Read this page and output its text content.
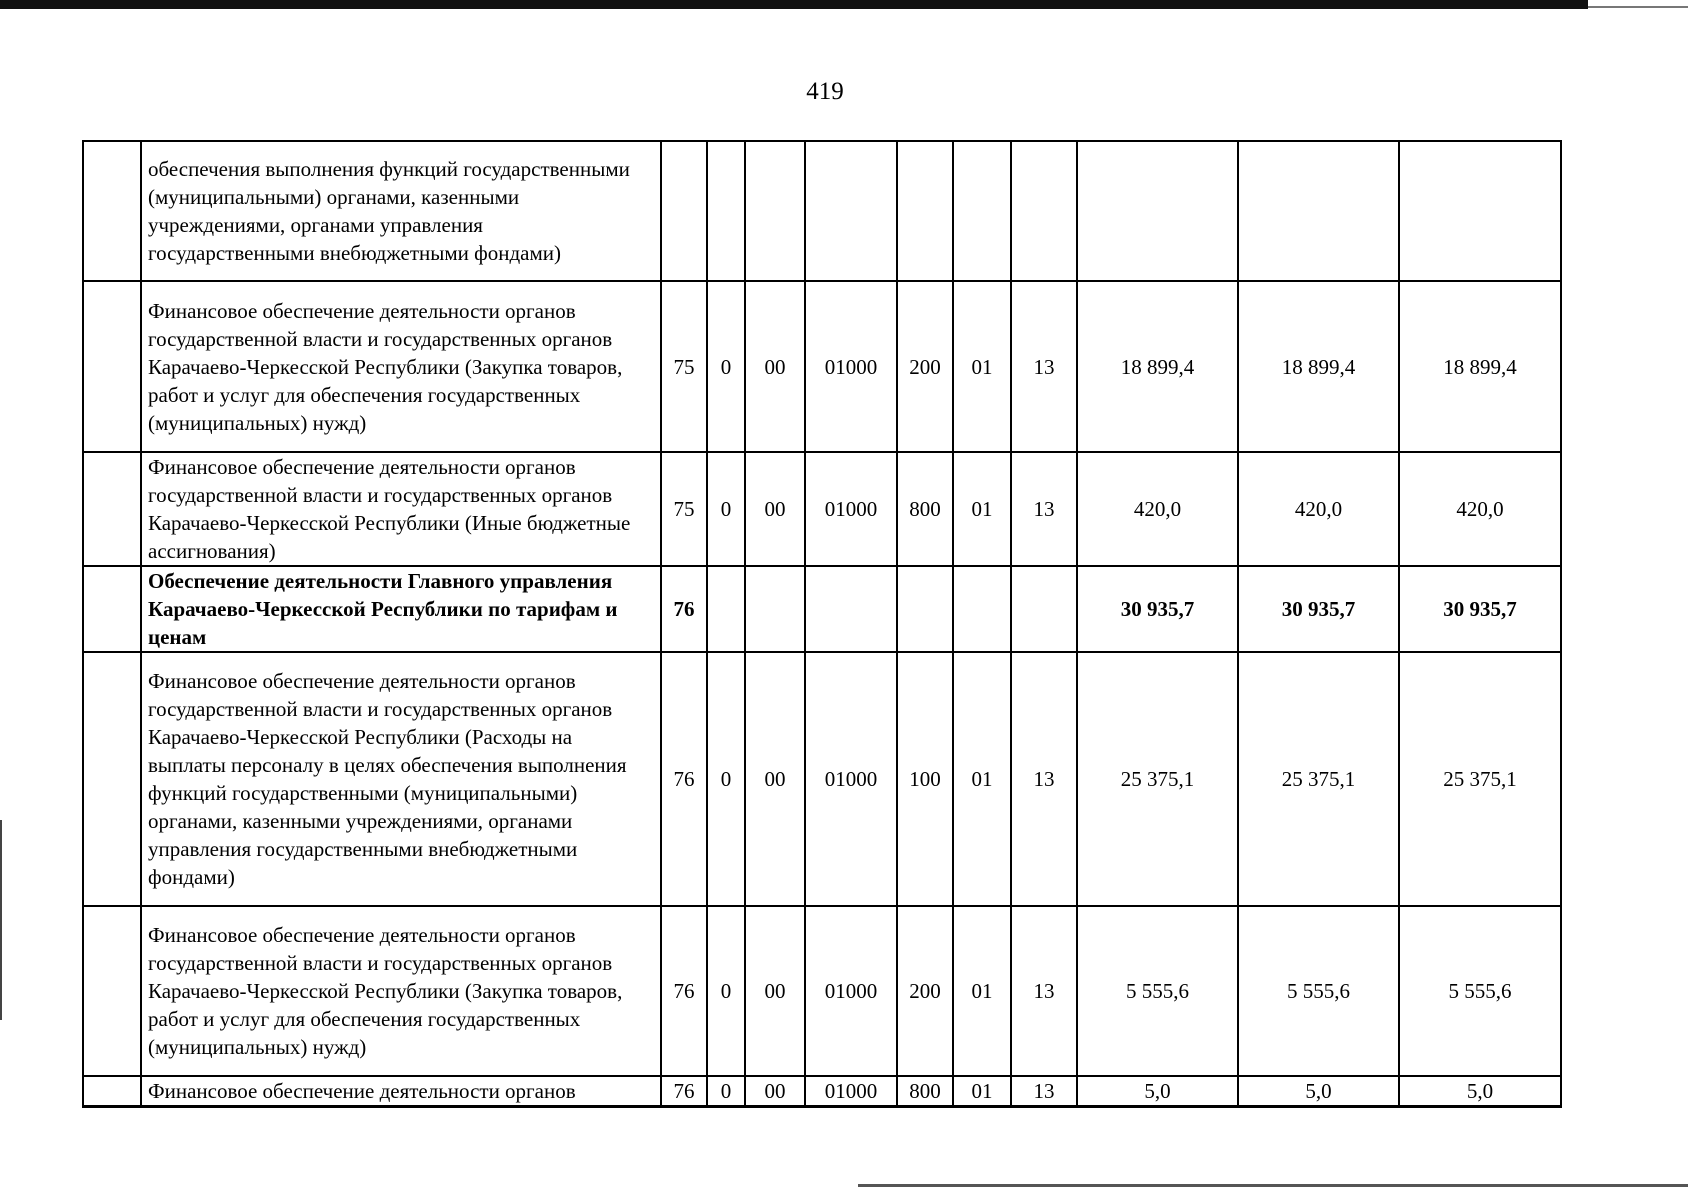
419
	обеспечения выполнения функций государственными (муниципальными) органами, казенными учреждениями, органами управления государственными внебюджетными фондами)										
	Финансовое обеспечение деятельности органов государственной власти и государственных органов Карачаево-Черкесской Республики (Закупка товаров, работ и услуг для обеспечения государственных (муниципальных) нужд)	75	0	00	01000	200	01	13	18 899,4	18 899,4	18 899,4
	Финансовое обеспечение деятельности органов государственной власти и государственных органов Карачаево-Черкесской Республики (Иные бюджетные ассигнования)	75	0	00	01000	800	01	13	420,0	420,0	420,0
	Обеспечение деятельности Главного управления Карачаево-Черкесской Республики по тарифам и ценам	76							30 935,7	30 935,7	30 935,7
	Финансовое обеспечение деятельности органов государственной власти и государственных органов Карачаево-Черкесской Республики (Расходы на выплаты персоналу в целях обеспечения выполнения функций государственными (муниципальными) органами, казенными учреждениями, органами управления государственными внебюджетными фондами)	76	0	00	01000	100	01	13	25 375,1	25 375,1	25 375,1
	Финансовое обеспечение деятельности органов государственной власти и государственных органов Карачаево-Черкесской Республики (Закупка товаров, работ и услуг для обеспечения государственных (муниципальных) нужд)	76	0	00	01000	200	01	13	5 555,6	5 555,6	5 555,6
	Финансовое обеспечение деятельности органов	76	0	00	01000	800	01	13	5,0	5,0	5,0
